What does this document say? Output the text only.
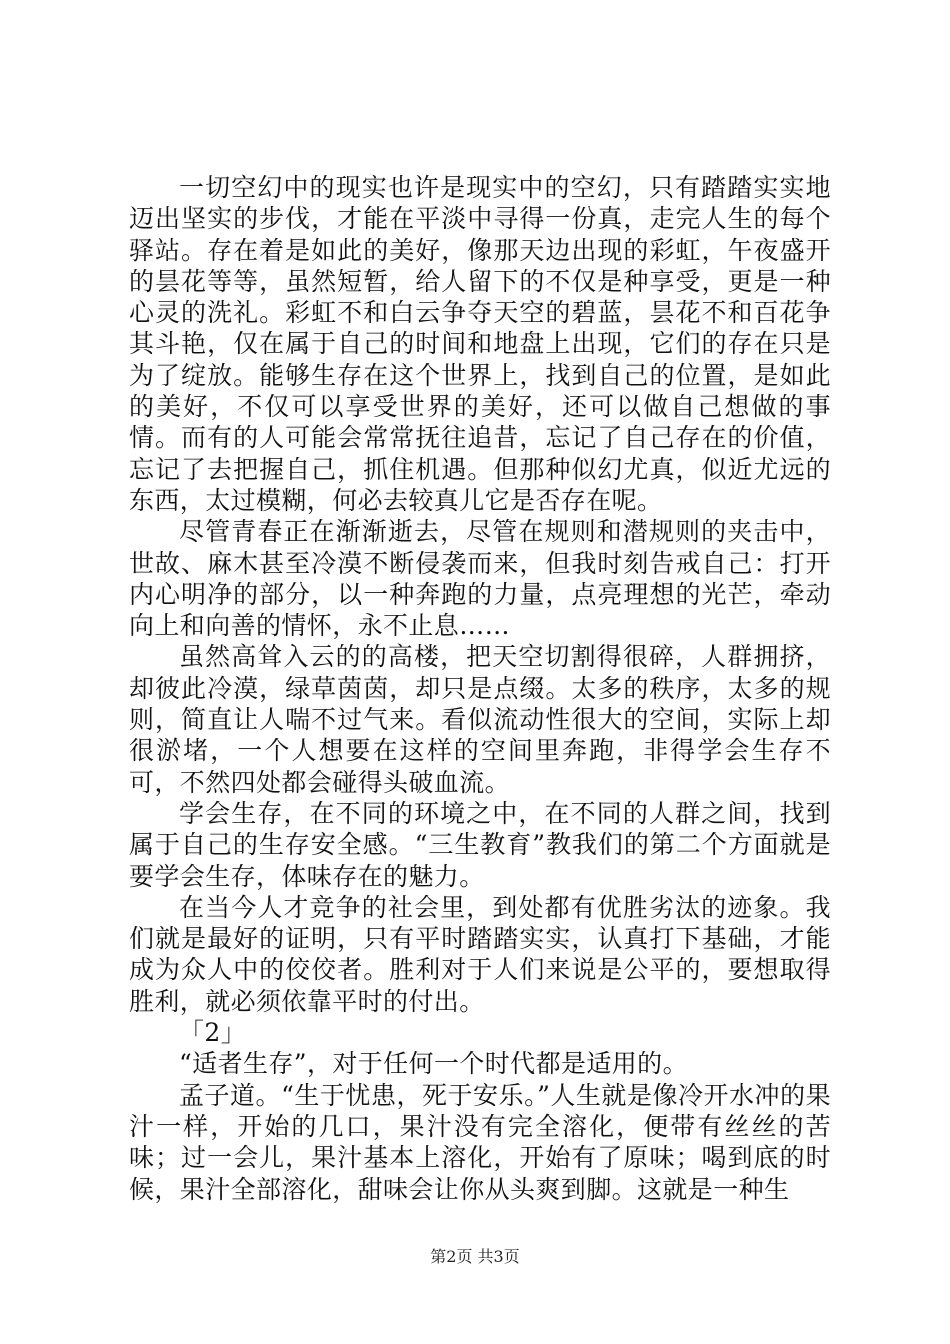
一切空幻中的现实也许是现实中的空幻，只有踏踏实实地迈出坚实的步伐，才能在平淡中寻得一份真，走完人生的每个驿站。存在着是如此的美好，像那天边出现的彩虹，午夜盛开的昙花等等，虽然短暂，给人留下的不仅是种享受，更是一种心灵的洗礼。彩虹不和白云争夺天空的碧蓝，昙花不和百花争其斗艳，仅在属于自己的时间和地盘上出现，它们的存在只是为了绽放。能够生存在这个世界上，找到自己的位置，是如此的美好，不仅可以享受世界的美好，还可以做自己想做的事情。而有的人可能会常常抚往追昔，忘记了自己存在的价值，忘记了去把握自己，抓住机遇。但那种似幻尤真，似近尤远的东西，太过模糊，何必去较真儿它是否存在呢。

尽管青春正在渐渐逝去，尽管在规则和潜规则的夹击中，世故、麻木甚至冷漠不断侵袭而来，但我时刻告戒自己：打开内心明净的部分，以一种奔跑的力量，点亮理想的光芒，牵动向上和向善的情怀，永不止息……

虽然高耸入云的的高楼，把天空切割得很碎，人群拥挤，却彼此冷漠，绿草茵茵，却只是点缀。太多的秩序，太多的规则，简直让人喘不过气来。看似流动性很大的空间，实际上却很淤堵，一个人想要在这样的空间里奔跑，非得学会生存不可，不然四处都会碰得头破血流。

学会生存，在不同的环境之中，在不同的人群之间，找到属于自己的生存安全感。“三生教育”教我们的第二个方面就是要学会生存，体味存在的魅力。

在当今人才竞争的社会里，到处都有优胜劣汰的迹象。我们就是最好的证明，只有平时踏踏实实，认真打下基础，才能成为众人中的佼佼者。胜利对于人们来说是公平的，要想取得胜利，就必须依靠平时的付出。

「2」

“适者生存”，对于任何一个时代都是适用的。

孟子道。“生于忧患，死于安乐。”人生就是像冷开水冲的果汁一样，开始的几口，果汁没有完全溶化，便带有丝丝的苦味；过一会儿，果汁基本上溶化，开始有了原味；喝到底的时候，果汁全部溶化，甜味会让你从头爽到脚。这就是一种生

第2页 共3页
